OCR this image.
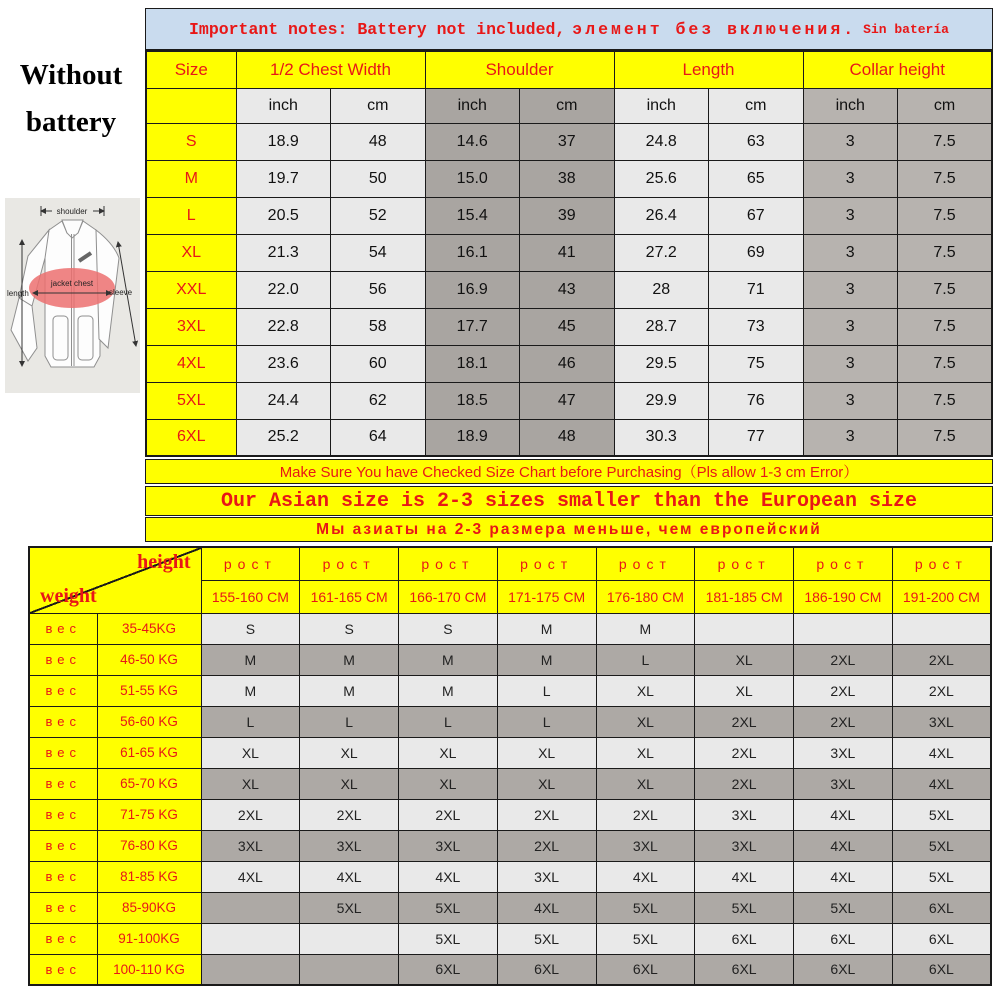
Without
battery
jacket chest
shoulder
length	sleeve
Important notes: Battery not included, элемент без включения. Sin batería
Size	1/2 Chest Width		Shoulder		Length		Collar height	
	inch	cm	inch	cm	inch	cm	inch	cm
S	18.9	48	14.6	37	24.8	63	3	7.5
M	19.7	50	15.0	38	25.6	65	3	7.5
L	20.5	52	15.4	39	26.4	67	3	7.5
XL	21.3	54	16.1	41	27.2	69	3	7.5
XXL	22.0	56	16.9	43	28	71	3	7.5
3XL	22.8	58	17.7	45	28.7	73	3	7.5
4XL	23.6	60	18.1	46	29.5	75	3	7.5
5XL	24.4	62	18.5	47	29.9	76	3	7.5
6XL	25.2	64	18.9	48	30.3	77	3	7.5
Make Sure You have Checked Size Chart before Purchasing（Pls allow 1-3 cm Error）
Our Asian size is 2-3 sizes smaller than the European size
Мы азиаты на 2-3 размера меньше, чем европейский
height
weight		рост	рост	рост	рост	рост	рост	рост	рост
		155-160 CM	161-165 CM	166-170 CM	171-175 CM	176-180 CM	181-185 CM	186-190 CM	191-200 CM
вес	35-45KG	S	S	S	M	M			
вес	46-50 KG	M	M	M	M	L	XL	2XL	2XL
вес	51-55 KG	M	M	M	L	XL	XL	2XL	2XL
вес	56-60 KG	L	L	L	L	XL	2XL	2XL	3XL
вес	61-65 KG	XL	XL	XL	XL	XL	2XL	3XL	4XL
вес	65-70 KG	XL	XL	XL	XL	XL	2XL	3XL	4XL
вес	71-75 KG	2XL	2XL	2XL	2XL	2XL	3XL	4XL	5XL
вес	76-80 KG	3XL	3XL	3XL	2XL	3XL	3XL	4XL	5XL
вес	81-85 KG	4XL	4XL	4XL	3XL	4XL	4XL	4XL	5XL
вес	85-90KG		5XL	5XL	4XL	5XL	5XL	5XL	6XL
вес	91-100KG			5XL	5XL	5XL	6XL	6XL	6XL
вес	100-110 KG			6XL	6XL	6XL	6XL	6XL	6XL
